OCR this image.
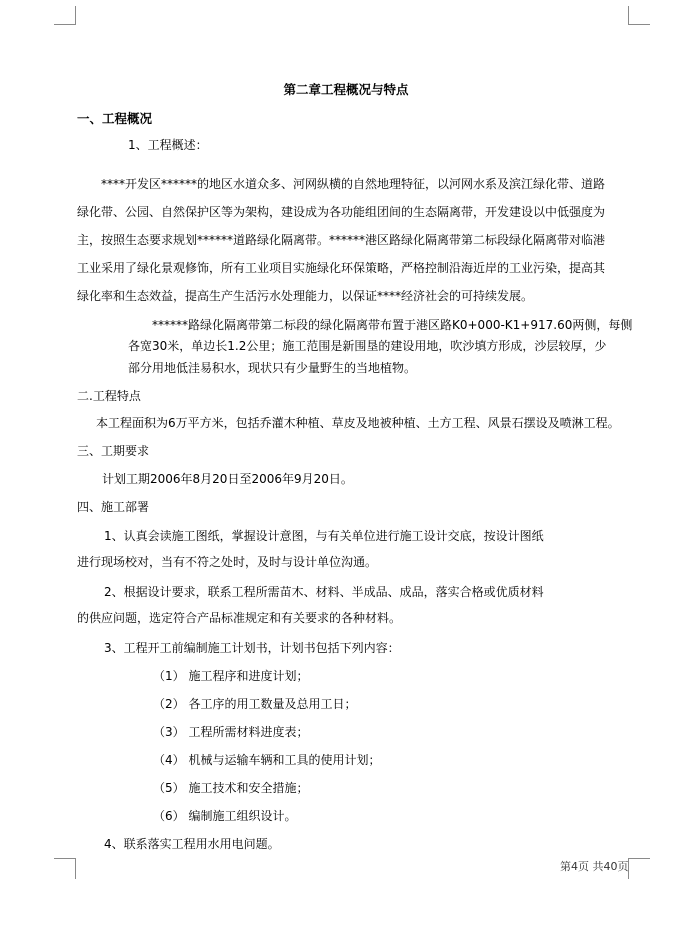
第二章工程概况与特点
一、工程概况
1、工程概述：
****开发区******的地区水道众多、河网纵横的自然地理特征，以河网水系及滨江绿化带、道路
绿化带、公园、自然保护区等为架构，建设成为各功能组团间的生态隔离带，开发建设以中低强度为
主，按照生态要求规划******道路绿化隔离带。******港区路绿化隔离带第二标段绿化隔离带对临港
工业采用了绿化景观修饰，所有工业项目实施绿化环保策略，严格控制沿海近岸的工业污染，提高其
绿化率和生态效益，提高生产生活污水处理能力，以保证****经济社会的可持续发展。
******路绿化隔离带第二标段的绿化隔离带布置于港区路K0+000-K1+917.60两侧，每侧
各宽30米，单边长1.2公里；施工范围是新围垦的建设用地，吹沙填方形成，沙层较厚，少
部分用地低洼易积水，现状只有少量野生的当地植物。
二.工程特点
本工程面积为6万平方米，包括乔灌木种植、草皮及地被种植、土方工程、风景石摆设及喷淋工程。
三、工期要求
计划工期2006年8月20日至2006年9月20日。
四、施工部署
1、认真会读施工图纸，掌握设计意图，与有关单位进行施工设计交底，按设计图纸
进行现场校对，当有不符之处时，及时与设计单位沟通。
2、根据设计要求，联系工程所需苗木、材料、半成品、成品，落实合格或优质材料
的供应问题，选定符合产品标准规定和有关要求的各种材料。
3、工程开工前编制施工计划书，计划书包括下列内容：
（1） 施工程序和进度计划；
（2） 各工序的用工数量及总用工日；
（3） 工程所需材料进度表；
（4） 机械与运输车辆和工具的使用计划；
（5） 施工技术和安全措施；
（6） 编制施工组织设计。
4、联系落实工程用水用电问题。
第4页 共40页
